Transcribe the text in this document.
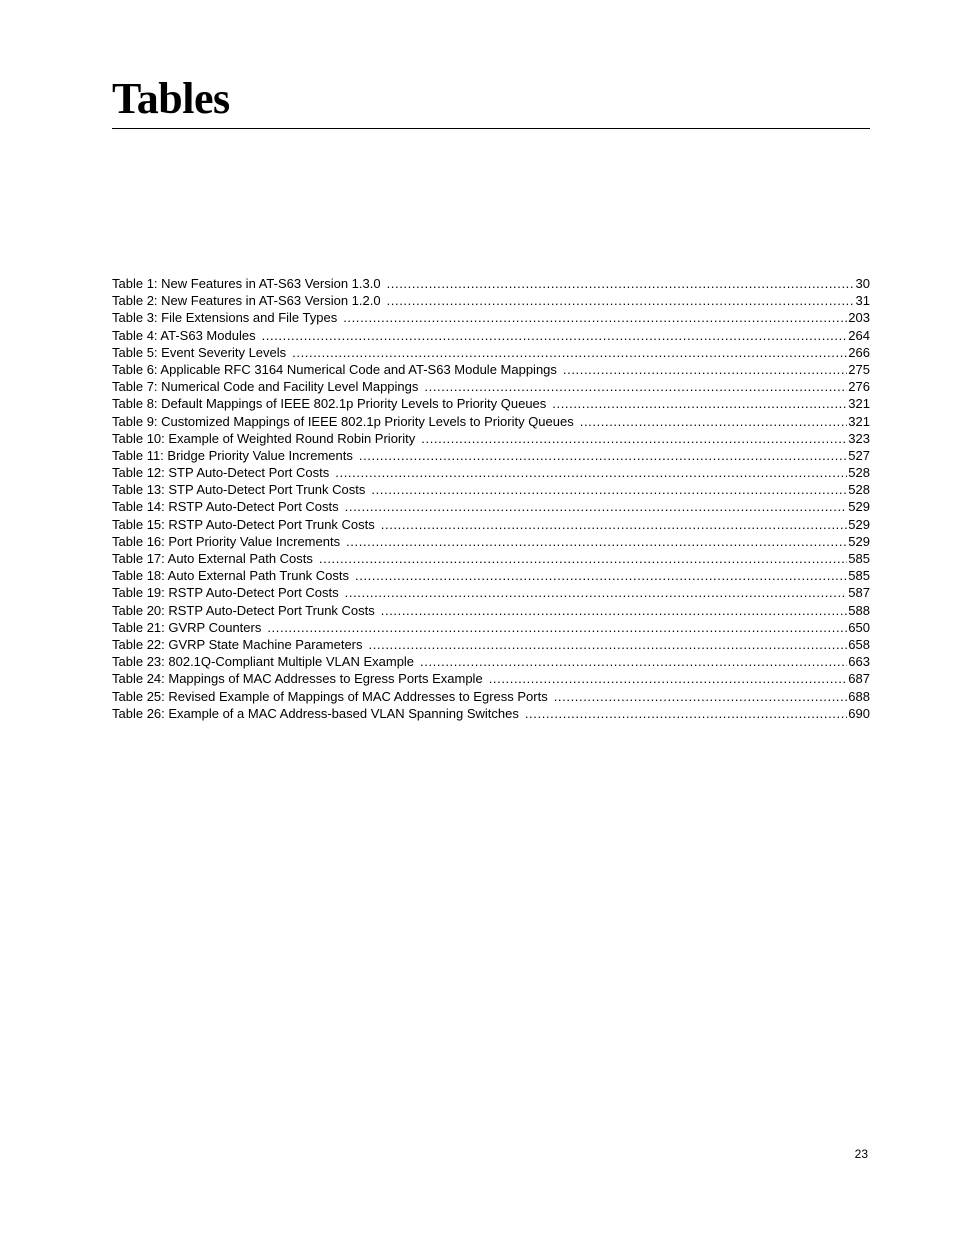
Tables
Table 1: New Features in AT-S63 Version 1.3.0 .....	30
Table 2: New Features in AT-S63 Version 1.2.0 .....	31
Table 3: File Extensions and File Types .....	203
Table 4: AT-S63 Modules .....	264
Table 5: Event Severity Levels .....	266
Table 6: Applicable RFC 3164 Numerical Code and AT-S63 Module Mappings .....	275
Table 7: Numerical Code and Facility Level Mappings .....	276
Table 8: Default Mappings of IEEE 802.1p Priority Levels to Priority Queues .....	321
Table 9: Customized Mappings of IEEE 802.1p Priority Levels to Priority Queues .....	321
Table 10: Example of Weighted Round Robin Priority .....	323
Table 11: Bridge Priority Value Increments .....	527
Table 12: STP Auto-Detect Port Costs .....	528
Table 13: STP Auto-Detect Port Trunk Costs .....	528
Table 14: RSTP Auto-Detect Port Costs .....	529
Table 15: RSTP Auto-Detect Port Trunk Costs .....	529
Table 16: Port Priority Value Increments .....	529
Table 17: Auto External Path Costs .....	585
Table 18: Auto External Path Trunk Costs .....	585
Table 19: RSTP Auto-Detect Port Costs .....	587
Table 20: RSTP Auto-Detect Port Trunk Costs .....	588
Table 21: GVRP Counters .....	650
Table 22: GVRP State Machine Parameters .....	658
Table 23: 802.1Q-Compliant Multiple VLAN Example .....	663
Table 24: Mappings of MAC Addresses to Egress Ports Example .....	687
Table 25: Revised Example of Mappings of MAC Addresses to Egress Ports .....	688
Table 26: Example of a MAC Address-based VLAN Spanning Switches .....	690
23
